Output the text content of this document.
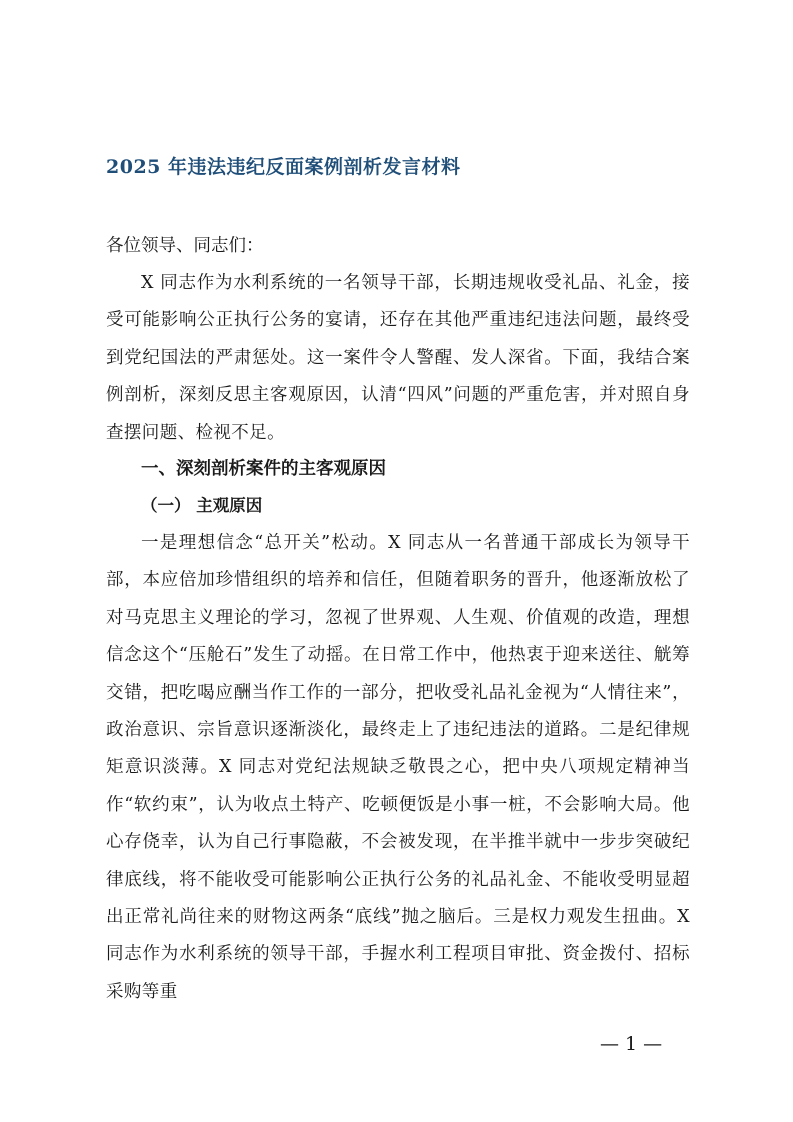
2025 年违法违纪反面案例剖析发言材料

各位领导、同志们：

X 同志作为水利系统的一名领导干部，长期违规收受礼品、礼金，接受可能影响公正执行公务的宴请，还存在其他严重违纪违法问题，最终受到党纪国法的严肃惩处。这一案件令人警醒、发人深省。下面，我结合案例剖析，深刻反思主客观原因，认清“四风”问题的严重危害，并对照自身查摆问题、检视不足。

一、深刻剖析案件的主客观原因
（一） 主观原因

一是理想信念“总开关”松动。X 同志从一名普通干部成长为领导干部，本应倍加珍惜组织的培养和信任，但随着职务的晋升，他逐渐放松了对马克思主义理论的学习，忽视了世界观、人生观、价值观的改造，理想信念这个“压舱石”发生了动摇。在日常工作中，他热衷于迎来送往、觥筹交错，把吃喝应酬当作工作的一部分，把收受礼品礼金视为“人情往来”，政治意识、宗旨意识逐渐淡化，最终走上了违纪违法的道路。二是纪律规矩意识淡薄。X 同志对党纪法规缺乏敬畏之心，把中央八项规定精神当作“软约束”，认为收点土特产、吃顿便饭是小事一桩，不会影响大局。他心存侥幸，认为自己行事隐蔽，不会被发现，在半推半就中一步步突破纪律底线，将不能收受可能影响公正执行公务的礼品礼金、不能收受明显超出正常礼尚往来的财物这两条“底线”抛之脑后。三是权力观发生扭曲。X 同志作为水利系统的领导干部，手握水利工程项目审批、资金拨付、招标采购等重

— 1 —
